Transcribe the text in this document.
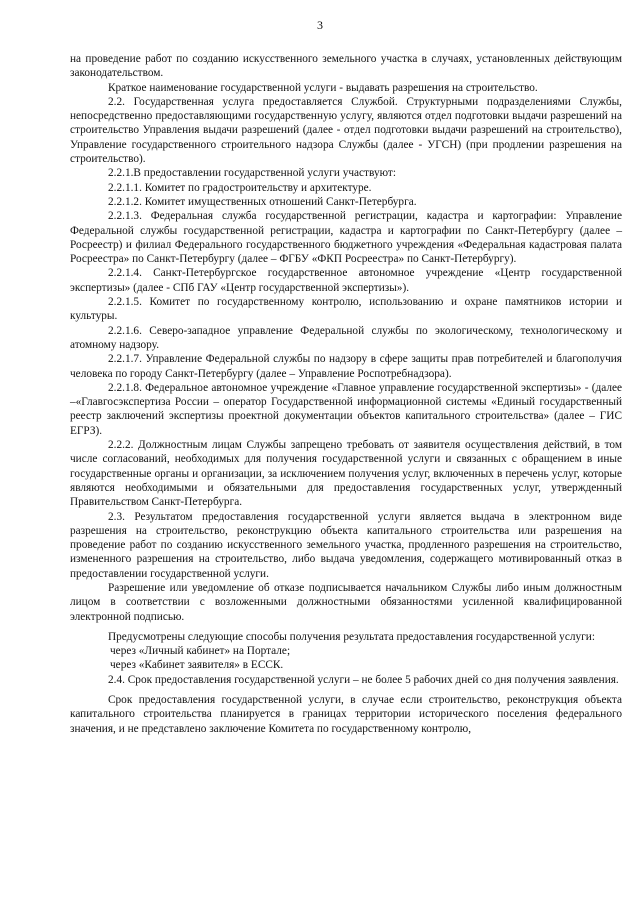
3

на проведение работ по созданию искусственного земельного участка в случаях, установленных действующим законодательством.

Краткое наименование государственной услуги - выдавать разрешения на строительство.

2.2. Государственная услуга предоставляется Службой. Структурными подразделениями Службы, непосредственно предоставляющими государственную услугу, являются отдел подготовки выдачи разрешений на строительство Управления выдачи разрешений (далее - отдел подготовки выдачи разрешений на строительство), Управление государственного строительного надзора Службы (далее - УГСН) (при продлении разрешения на строительство).

2.2.1.В предоставлении государственной услуги участвуют:

2.2.1.1. Комитет по градостроительству и архитектуре.

2.2.1.2. Комитет имущественных отношений Санкт-Петербурга.

2.2.1.3. Федеральная служба государственной регистрации, кадастра и картографии: Управление Федеральной службы государственной регистрации, кадастра и картографии по Санкт-Петербургу (далее – Росреестр) и филиал Федерального государственного бюджетного учреждения «Федеральная кадастровая палата Росреестра» по Санкт-Петербургу (далее – ФГБУ «ФКП Росреестра» по Санкт-Петербургу).

2.2.1.4. Санкт-Петербургское государственное автономное учреждение «Центр государственной экспертизы» (далее - СПб ГАУ «Центр государственной экспертизы»).

2.2.1.5. Комитет по государственному контролю, использованию и охране памятников истории и культуры.

2.2.1.6. Северо-западное управление Федеральной службы по экологическому, технологическому и атомному надзору.

2.2.1.7. Управление Федеральной службы по надзору в сфере защиты прав потребителей и благополучия человека по городу Санкт-Петербургу (далее – Управление Роспотребнадзора).

2.2.1.8. Федеральное автономное учреждение «Главное управление государственной экспертизы» - (далее –«Главгосэкспертиза России – оператор Государственной информационной системы «Единый государственный реестр заключений экспертизы проектной документации объектов капитального строительства» (далее – ГИС ЕГРЗ).

2.2.2. Должностным лицам Службы запрещено требовать от заявителя осуществления действий, в том числе согласований, необходимых для получения государственной услуги и связанных с обращением в иные государственные органы и организации, за исключением получения услуг, включенных в перечень услуг, которые являются необходимыми и обязательными для предоставления государственных услуг, утвержденный Правительством Санкт-Петербурга.

2.3. Результатом предоставления государственной услуги является выдача в электронном виде разрешения на строительство, реконструкцию объекта капитального строительства или разрешения на проведение работ по созданию искусственного земельного участка, продленного разрешения на строительство, измененного разрешения на строительство, либо выдача уведомления, содержащего мотивированный отказ в предоставлении государственной услуги.

Разрешение или уведомление об отказе подписывается начальником Службы либо иным должностным лицом в соответствии с возложенными должностными обязанностями усиленной квалифицированной электронной подписью.

Предусмотрены следующие способы получения результата предоставления государственной услуги:

через «Личный кабинет» на Портале;

через «Кабинет заявителя» в ЕССК.

2.4. Срок предоставления государственной услуги – не более 5 рабочих дней со дня получения заявления.

Срок предоставления государственной услуги, в случае если строительство, реконструкция объекта капитального строительства планируется в границах территории исторического поселения федерального значения, и не представлено заключение Комитета по государственному контролю,
